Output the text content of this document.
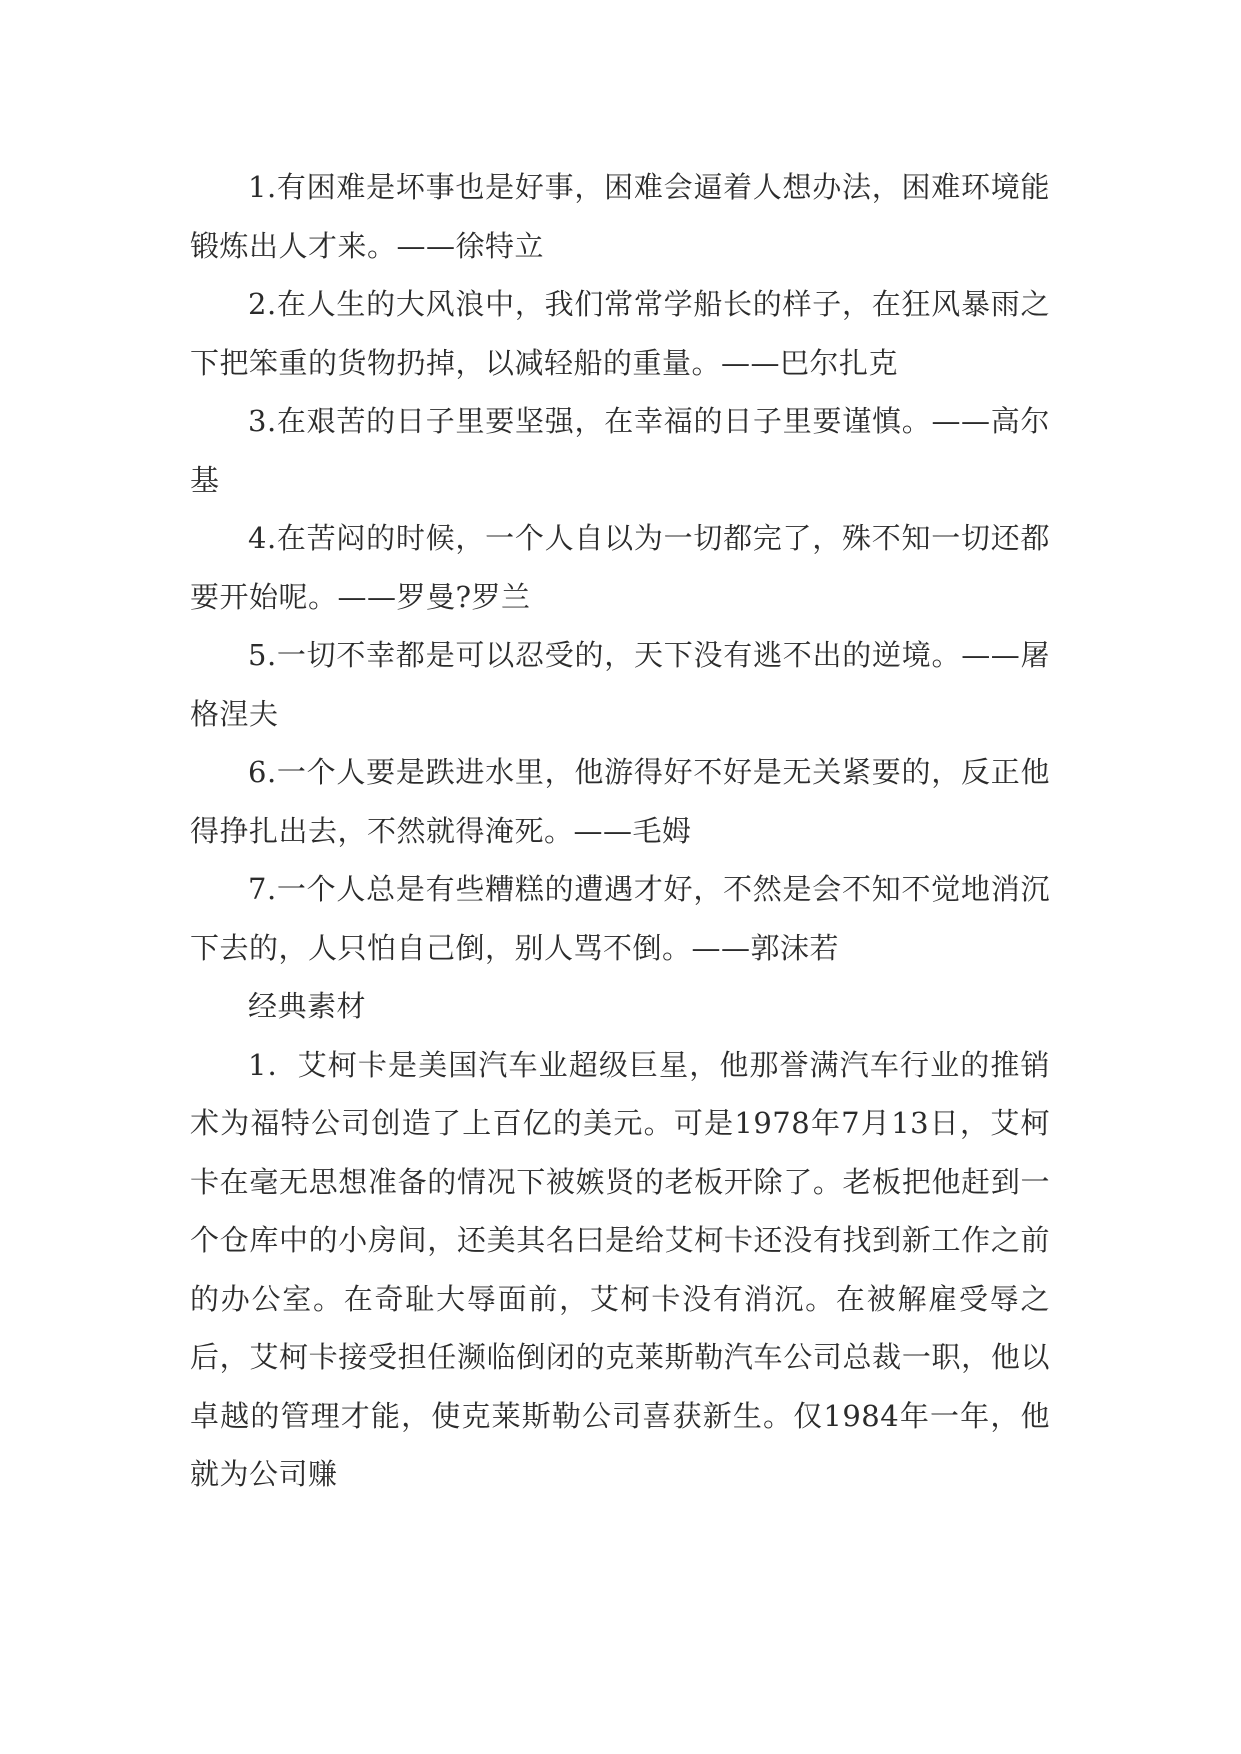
1.有困难是坏事也是好事，困难会逼着人想办法，困难环境能锻炼出人才来。——徐特立

2.在人生的大风浪中，我们常常学船长的样子，在狂风暴雨之下把笨重的货物扔掉，以减轻船的重量。——巴尔扎克

3.在艰苦的日子里要坚强，在幸福的日子里要谨慎。——高尔基

4.在苦闷的时候，一个人自以为一切都完了，殊不知一切还都要开始呢。——罗曼?罗兰

5.一切不幸都是可以忍受的，天下没有逃不出的逆境。——屠格涅夫

6.一个人要是跌进水里，他游得好不好是无关紧要的，反正他得挣扎出去，不然就得淹死。——毛姆

7.一个人总是有些糟糕的遭遇才好，不然是会不知不觉地消沉下去的，人只怕自己倒，别人骂不倒。——郭沫若

经典素材

1．艾柯卡是美国汽车业超级巨星，他那誉满汽车行业的推销术为福特公司创造了上百亿的美元。可是1978年7月13日，艾柯卡在毫无思想准备的情况下被嫉贤的老板开除了。老板把他赶到一个仓库中的小房间，还美其名曰是给艾柯卡还没有找到新工作之前的办公室。在奇耻大辱面前，艾柯卡没有消沉。在被解雇受辱之后，艾柯卡接受担任濒临倒闭的克莱斯勒汽车公司总裁一职，他以卓越的管理才能，使克莱斯勒公司喜获新生。仅1984年一年，他就为公司赚
